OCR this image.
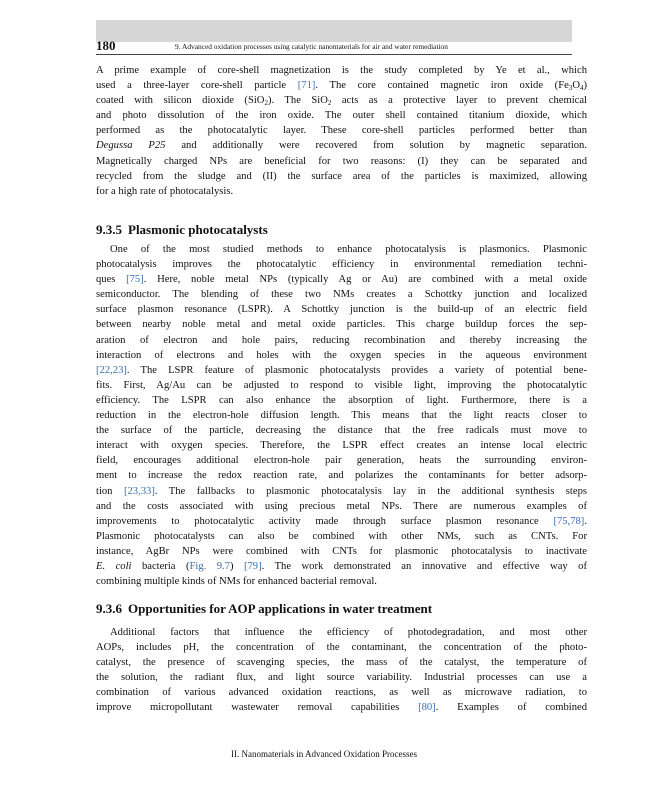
180	9. Advanced oxidation processes using catalytic nanomaterials for air and water remediation
A prime example of core-shell magnetization is the study completed by Ye et al., which
used a three-layer core-shell particle [71]. The core contained magnetic iron oxide $(Fe_3O_4)$
coated with silicon dioxide (SiO$_2$). The SiO$_2$ acts as a protective layer to prevent chemical
and photo dissolution of the iron oxide. The outer shell contained titanium dioxide, which
performed as the photocatalytic layer. These core-shell particles performed better than
Degussa P25 and additionally were recovered from solution by magnetic separation.
Magnetically charged NPs are beneficial for two reasons: (I) they can be separated and
recycled from the sludge and (II) the surface area of the particles is maximized, allowing
for a high rate of photocatalysis.
9.3.5 Plasmonic photocatalysts
One of the most studied methods to enhance photocatalysis is plasmonics. Plasmonic
photocatalysis improves the photocatalytic efficiency in environmental remediation techni-
ques [75]. Here, noble metal NPs (typically Ag or Au) are combined with a metal oxide
semiconductor. The blending of these two NMs creates a Schottky junction and localized
surface plasmon resonance (LSPR). A Schottky junction is the build-up of an electric field
between nearby noble metal and metal oxide particles. This charge buildup forces the sep-
aration of electron and hole pairs, reducing recombination and thereby increasing the
interaction of electrons and holes with the oxygen species in the aqueous environment
[22,23]. The LSPR feature of plasmonic photocatalysts provides a variety of potential bene-
fits. First, Ag/Au can be adjusted to respond to visible light, improving the photocatalytic
efficiency. The LSPR can also enhance the absorption of light. Furthermore, there is a
reduction in the electron-hole diffusion length. This means that the light reacts closer to
the surface of the particle, decreasing the distance that the free radicals must move to
interact with oxygen species. Therefore, the LSPR effect creates an intense local electric
field, encourages additional electron-hole pair generation, heats the surrounding environ-
ment to increase the redox reaction rate, and polarizes the contaminants for better adsorp-
tion [23,33]. The fallbacks to plasmonic photocatalysis lay in the additional synthesis steps
and the costs associated with using precious metal NPs. There are numerous examples of
improvements to photocatalytic activity made through surface plasmon resonance [75,78].
Plasmonic photocatalysts can also be combined with other NMs, such as CNTs. For
instance, AgBr NPs were combined with CNTs for plasmonic photocatalysis to inactivate
E. coli bacteria (Fig. 9.7) [79]. The work demonstrated an innovative and effective way of
combining multiple kinds of NMs for enhanced bacterial removal.
9.3.6 Opportunities for AOP applications in water treatment
Additional factors that influence the efficiency of photodegradation, and most other
AOPs, includes pH, the concentration of the contaminant, the concentration of the photo-
catalyst, the presence of scavenging species, the mass of the catalyst, the temperature of
the solution, the radiant flux, and light source variability. Industrial processes can use a
combination of various advanced oxidation reactions, as well as microwave radiation, to
improve micropollutant wastewater removal capabilities [80]. Examples of combined
II. Nanomaterials in Advanced Oxidation Processes
